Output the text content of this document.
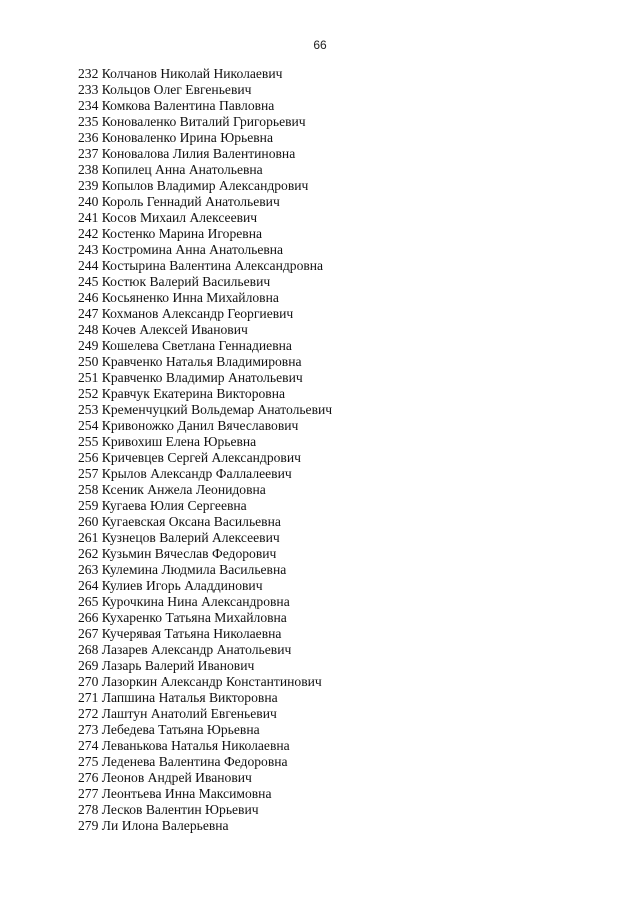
66
232 Колчанов Николай Николаевич
233 Кольцов Олег Евгеньевич
234 Комкова Валентина Павловна
235 Коноваленко Виталий Григорьевич
236 Коноваленко Ирина Юрьевна
237 Коновалова Лилия Валентиновна
238 Копилец Анна Анатольевна
239 Копылов Владимир Александрович
240 Король Геннадий Анатольевич
241 Косов Михаил Алексеевич
242 Костенко Марина Игоревна
243 Костромина Анна Анатольевна
244 Костырина Валентина Александровна
245 Костюк Валерий Васильевич
246 Косьяненко Инна Михайловна
247 Кохманов Александр Георгиевич
248 Кочев Алексей Иванович
249 Кошелева Светлана Геннадиевна
250 Кравченко Наталья Владимировна
251 Кравченко Владимир Анатольевич
252 Кравчук Екатерина Викторовна
253 Кременчуцкий Вольдемар Анатольевич
254 Кривоножко Данил Вячеславович
255 Кривохиш Елена Юрьевна
256 Кричевцев Сергей Александрович
257 Крылов Александр Фаллалеевич
258 Ксеник Анжела Леонидовна
259 Кугаева Юлия Сергеевна
260 Кугаевская Оксана Васильевна
261 Кузнецов Валерий Алексеевич
262 Кузьмин Вячеслав Федорович
263 Кулемина Людмила Васильевна
264 Кулиев Игорь Аладдинович
265 Курочкина Нина Александровна
266 Кухаренко Татьяна Михайловна
267 Кучерявая Татьяна Николаевна
268 Лазарев Александр Анатольевич
269 Лазарь Валерий Иванович
270 Лазоркин Александр Константинович
271 Лапшина Наталья Викторовна
272 Лаштун Анатолий Евгеньевич
273 Лебедева Татьяна Юрьевна
274 Леванькова Наталья Николаевна
275 Леденева Валентина Федоровна
276 Леонов Андрей Иванович
277 Леонтьева Инна Максимовна
278 Лесков Валентин Юрьевич
279 Ли Илона Валерьевна
